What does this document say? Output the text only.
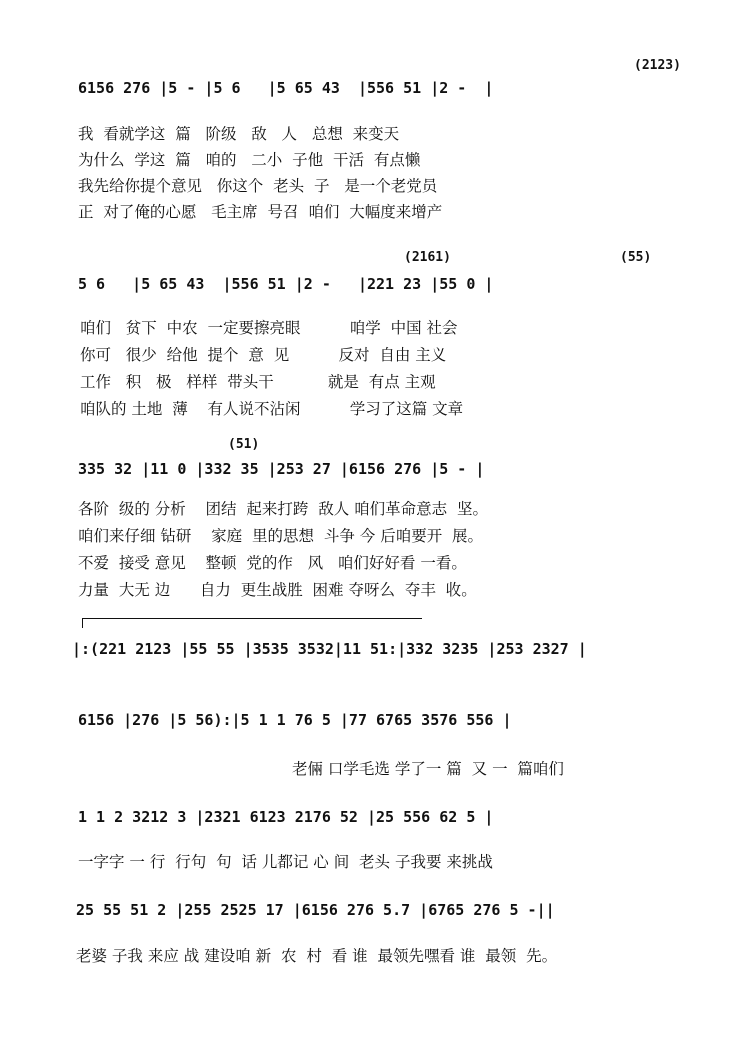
6156 276 |5 - |5 6   |5 65 43  |556 51 |2 -  |
(2123)
我  看就学这  篇   阶级   敌   人   总想  来变天
为什么  学这  篇   咱的   二小  子他  干活  有点懒
我先给你提个意见   你这个  老头  子   是一个老党员
正  对了俺的心愿   毛主席  号召  咱们  大幅度来增产
(2161)	(55)
5 6   |5 65 43  |556 51 |2 -   |221 23 |55 0 |
咱们   贫下  中农  一定要擦亮眼          咱学  中国 社会
你可   很少  给他  提个  意  见          反对  自由 主义
工作   积   极   样样  带头干           就是  有点 主观
咱队的 土地  薄    有人说不沾闲          学习了这篇 文章
(51)
335 32 |11 0 |332 35 |253 27 |6156 276 |5 - |
各阶  级的 分析    团结  起来打跨  敌人 咱们革命意志  坚。
咱们来仔细 钻研    家庭  里的思想  斗争 今 后咱要开  展。
不爱  接受 意见    整顿  党的作   风   咱们好好看 一看。
力量  大无 边      自力  更生战胜  困难 夺呀么  夺丰  收。
|:(221 2123 |55 55 |3535 3532|11 51:|332 3235 |253 2327 |
6156 |276 |5 56):|5 1 1 76 5 |77 6765 3576 556 |
老倆 口学毛选 学了一 篇  又 一  篇咱们
1 1 2 3212 3 |2321 6123 2176 52 |25 556 62 5 |
一字字 一 行  行句  句  话 儿都记 心 间  老头 子我要 来挑战
25 55 51 2 |255 2525 17 |6156 276 5.7 |6765 276 5 -||
老婆 子我 来应 战 建设咱 新  农  村  看 谁  最领先嘿看 谁  最领  先。
